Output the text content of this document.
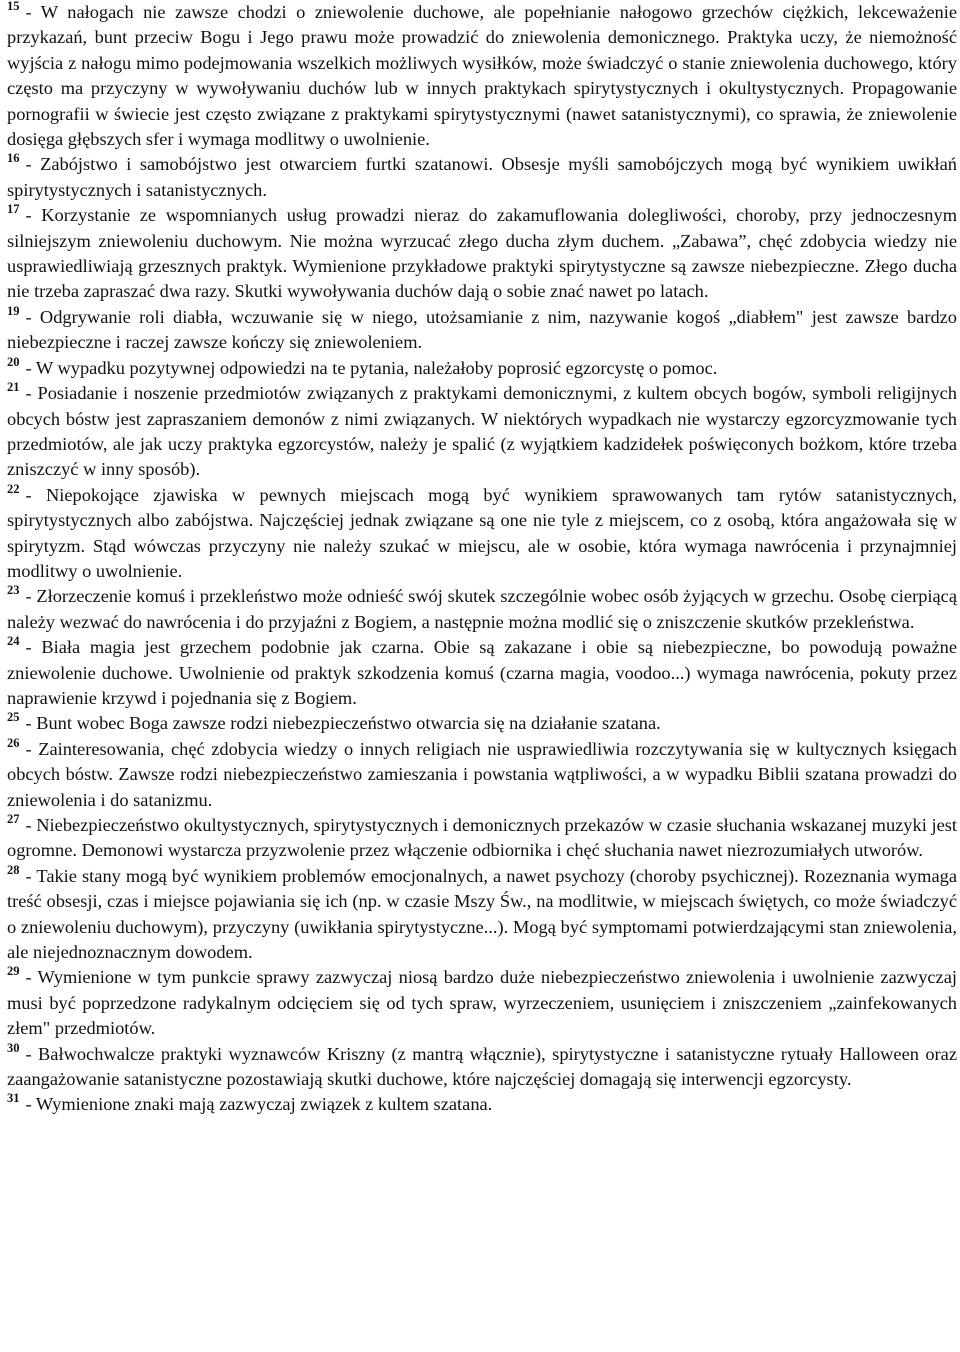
$^{15}$ - W nałogach nie zawsze chodzi o zniewolenie duchowe, ale popełnianie nałogowo grzechów ciężkich, lekceważenie przykazań, bunt przeciw Bogu i Jego prawu może prowadzić do zniewolenia demonicznego. Praktyka uczy, że niemożność wyjścia z nałogu mimo podejmowania wszelkich możliwych wysiłków, może świadczyć o stanie zniewolenia duchowego, który często ma przyczyny w wywoływaniu duchów lub w innych praktykach spirytystycznych i okultystycznych. Propagowanie pornografii w świecie jest często związane z praktykami spirytystycznymi (nawet satanistycznymi), co sprawia, że zniewolenie dosięga głębszych sfer i wymaga modlitwy o uwolnienie.

$^{16}$ - Zabójstwo i samobójstwo jest otwarciem furtki szatanowi. Obsesje myśli samobójczych mogą być wynikiem uwikłań spirytystycznych i satanistycznych.

$^{17}$ - Korzystanie ze wspomnianych usług prowadzi nieraz do zakamuflowania dolegliwości, choroby, przy jednoczesnym silniejszym zniewoleniu duchowym. Nie można wyrzucać złego ducha złym duchem. „Zabawa”, chęć zdobycia wiedzy nie usprawiedliwiają grzesznych praktyk. Wymienione przykładowe praktyki spirytystyczne są zawsze niebezpieczne. Złego ducha nie trzeba zapraszać dwa razy. Skutki wywoływania duchów dają o sobie znać nawet po latach.

$^{19}$ - Odgrywanie roli diabła, wczuwanie się w niego, utożsamianie z nim, nazywanie kogoś „diabłem" jest zawsze bardzo niebezpieczne i raczej zawsze kończy się zniewoleniem.

$^{20}$ - W wypadku pozytywnej odpowiedzi na te pytania, należałoby poprosić egzorcystę o pomoc.

$^{21}$ - Posiadanie i noszenie przedmiotów związanych z praktykami demonicznymi, z kultem obcych bogów, symboli religijnych obcych bóstw jest zapraszaniem demonów z nimi związanych. W niektórych wypadkach nie wystarczy egzorcyzmowanie tych przedmiotów, ale jak uczy praktyka egzorcystów, należy je spalić (z wyjątkiem kadzidełek poświęconych bożkom, które trzeba zniszczyć w inny sposób).

$^{22}$ - Niepokojące zjawiska w pewnych miejscach mogą być wynikiem sprawowanych tam rytów satanistycznych, spirytystycznych albo zabójstwa. Najczęściej jednak związane są one nie tyle z miejscem, co z osobą, która angażowała się w spirytyzm. Stąd wówczas przyczyny nie należy szukać w miejscu, ale w osobie, która wymaga nawrócenia i przynajmniej modlitwy o uwolnienie.

$^{23}$ - Złorzeczenie komuś i przekleństwo może odnieść swój skutek szczególnie wobec osób żyjących w grzechu. Osobę cierpiącą należy wezwać do nawrócenia i do przyjaźni z Bogiem, a następnie można modlić się o zniszczenie skutków przekleństwa.

$^{24}$ - Biała magia jest grzechem podobnie jak czarna. Obie są zakazane i obie są niebezpieczne, bo powodują poważne zniewolenie duchowe. Uwolnienie od praktyk szkodzenia komuś (czarna magia, voodoo...) wymaga nawrócenia, pokuty przez naprawienie krzywd i pojednania się z Bogiem.

$^{25}$ - Bunt wobec Boga zawsze rodzi niebezpieczeństwo otwarcia się na działanie szatana.

$^{26}$ - Zainteresowania, chęć zdobycia wiedzy o innych religiach nie usprawiedliwia rozczytywania się w kultycznych księgach obcych bóstw. Zawsze rodzi niebezpieczeństwo zamieszania i powstania wątpliwości, a w wypadku Biblii szatana prowadzi do zniewolenia i do satanizmu.

$^{27}$ - Niebezpieczeństwo okultystycznych, spirytystycznych i demonicznych przekazów w czasie słuchania wskazanej muzyki jest ogromne. Demonowi wystarcza przyzwolenie przez włączenie odbiornika i chęć słuchania nawet niezrozumiałych utworów.

$^{28}$ - Takie stany mogą być wynikiem problemów emocjonalnych, a nawet psychozy (choroby psychicznej). Rozeznania wymaga treść obsesji, czas i miejsce pojawiania się ich (np. w czasie Mszy Św., na modlitwie, w miejscach świętych, co może świadczyć o zniewoleniu duchowym), przyczyny (uwikłania spirytystyczne...). Mogą być symptomami potwierdzającymi stan zniewolenia, ale niejednoznacznym dowodem.

$^{29}$ - Wymienione w tym punkcie sprawy zazwyczaj niosą bardzo duże niebezpieczeństwo zniewolenia i uwolnienie zazwyczaj musi być poprzedzone radykalnym odcięciem się od tych spraw, wyrzeczeniem, usunięciem i zniszczeniem „zainfekowanych złem" przedmiotów.

$^{30}$ - Bałwochwalcze praktyki wyznawców Kriszny (z mantrą włącznie), spirytystyczne i satanistyczne rytuały Halloween oraz zaangażowanie satanistyczne pozostawiają skutki duchowe, które najczęściej domagają się interwencji egzorcysty.

$^{31}$ - Wymienione znaki mają zazwyczaj związek z kultem szatana.
